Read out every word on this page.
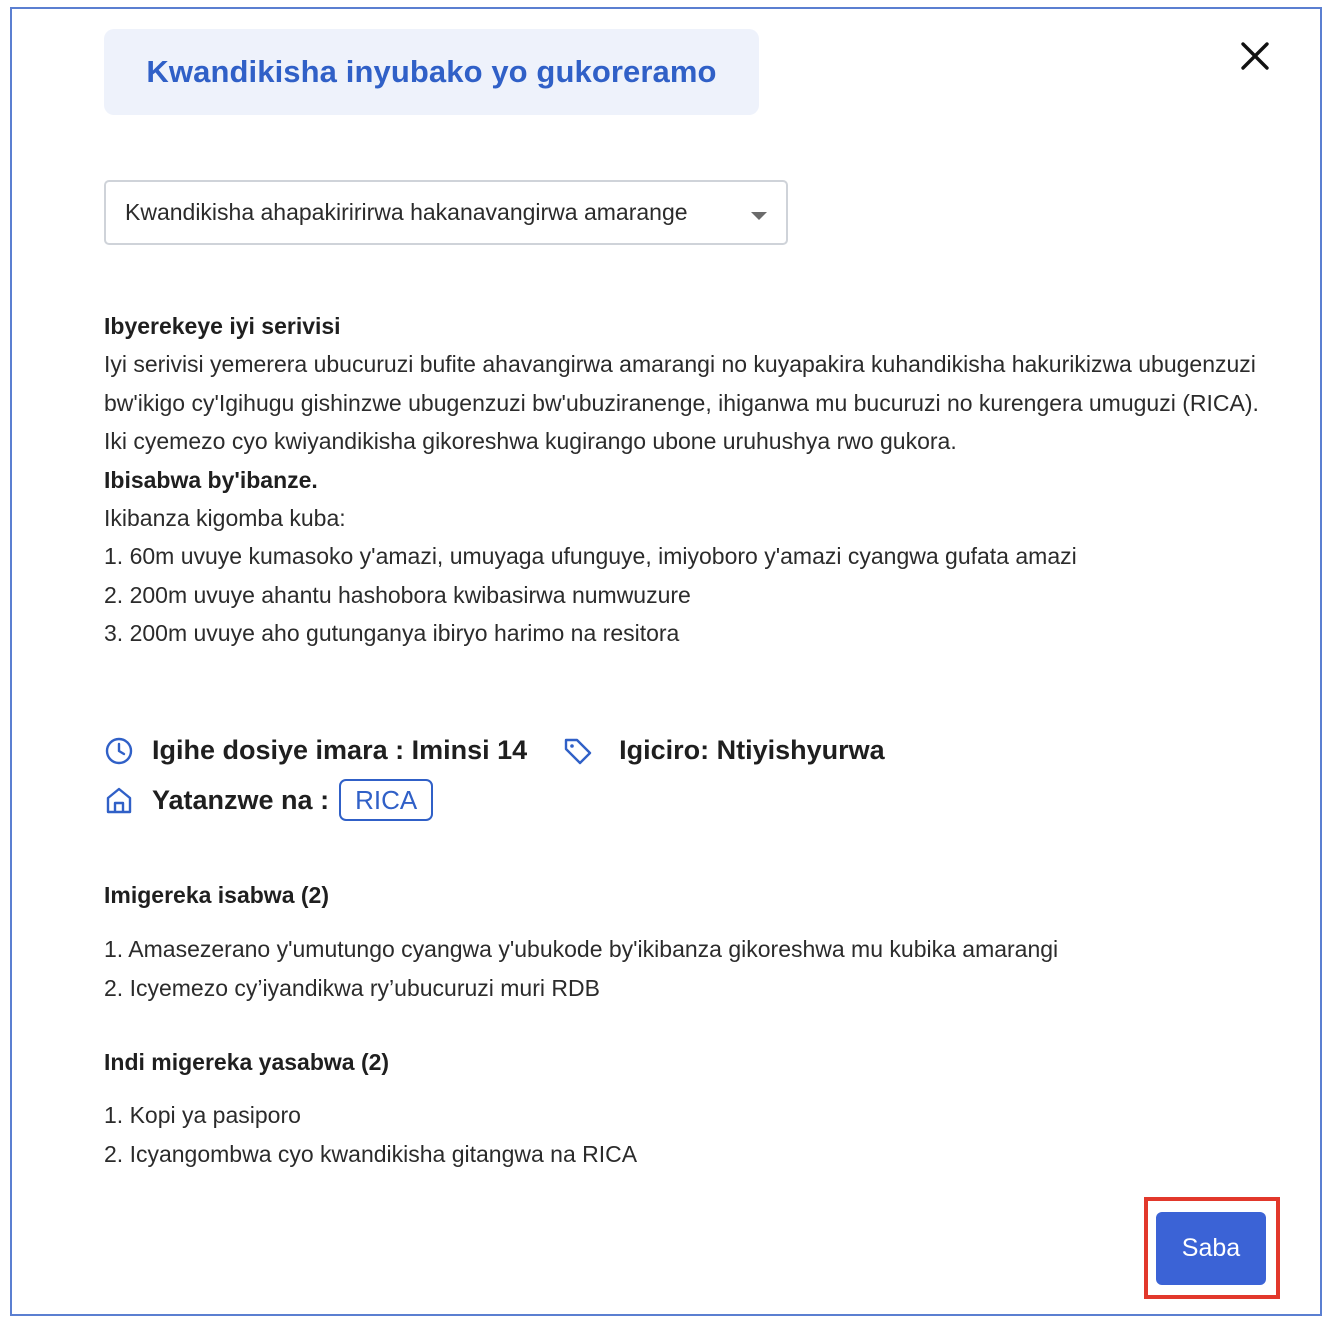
Kwandikisha inyubako yo gukoreramo
Kwandikisha ahapakiririrwa hakanavangirwa amarange
Ibyerekeye iyi serivisi
Iyi serivisi yemerera ubucuruzi bufite ahavangirwa amarangi no kuyapakira kuhandikisha hakurikizwa ubugenzuzi bw'ikigo cy'Igihugu gishinzwe ubugenzuzi bw'ubuziranenge, ihiganwa mu bucuruzi no kurengera umuguzi (RICA). Iki cyemezo cyo kwiyandikisha gikoreshwa kugirango ubone uruhushya rwo gukora.
Ibisabwa by'ibanze.
Ikibanza kigomba kuba:
1. 60m uvuye kumasoko y'amazi, umuyaga ufunguye, imiyoboro y'amazi cyangwa gufata amazi
2. 200m uvuye ahantu hashobora kwibasirwa numwuzure
3. 200m uvuye aho gutunganya ibiryo harimo na resitora
Igihe dosiye imara : Iminsi 14	Igiciro: Ntiyishyurwa
Yatanzwe na :	RICA
Imigereka isabwa (2)
1. Amasezerano y'umutungo cyangwa y'ubukode by'ikibanza gikoreshwa mu kubika amarangi
2. Icyemezo cy’iyandikwa ry’ubucuruzi muri RDB
Indi migereka yasabwa (2)
1. Kopi ya pasiporo
2. Icyangombwa cyo kwandikisha gitangwa na RICA
Saba
